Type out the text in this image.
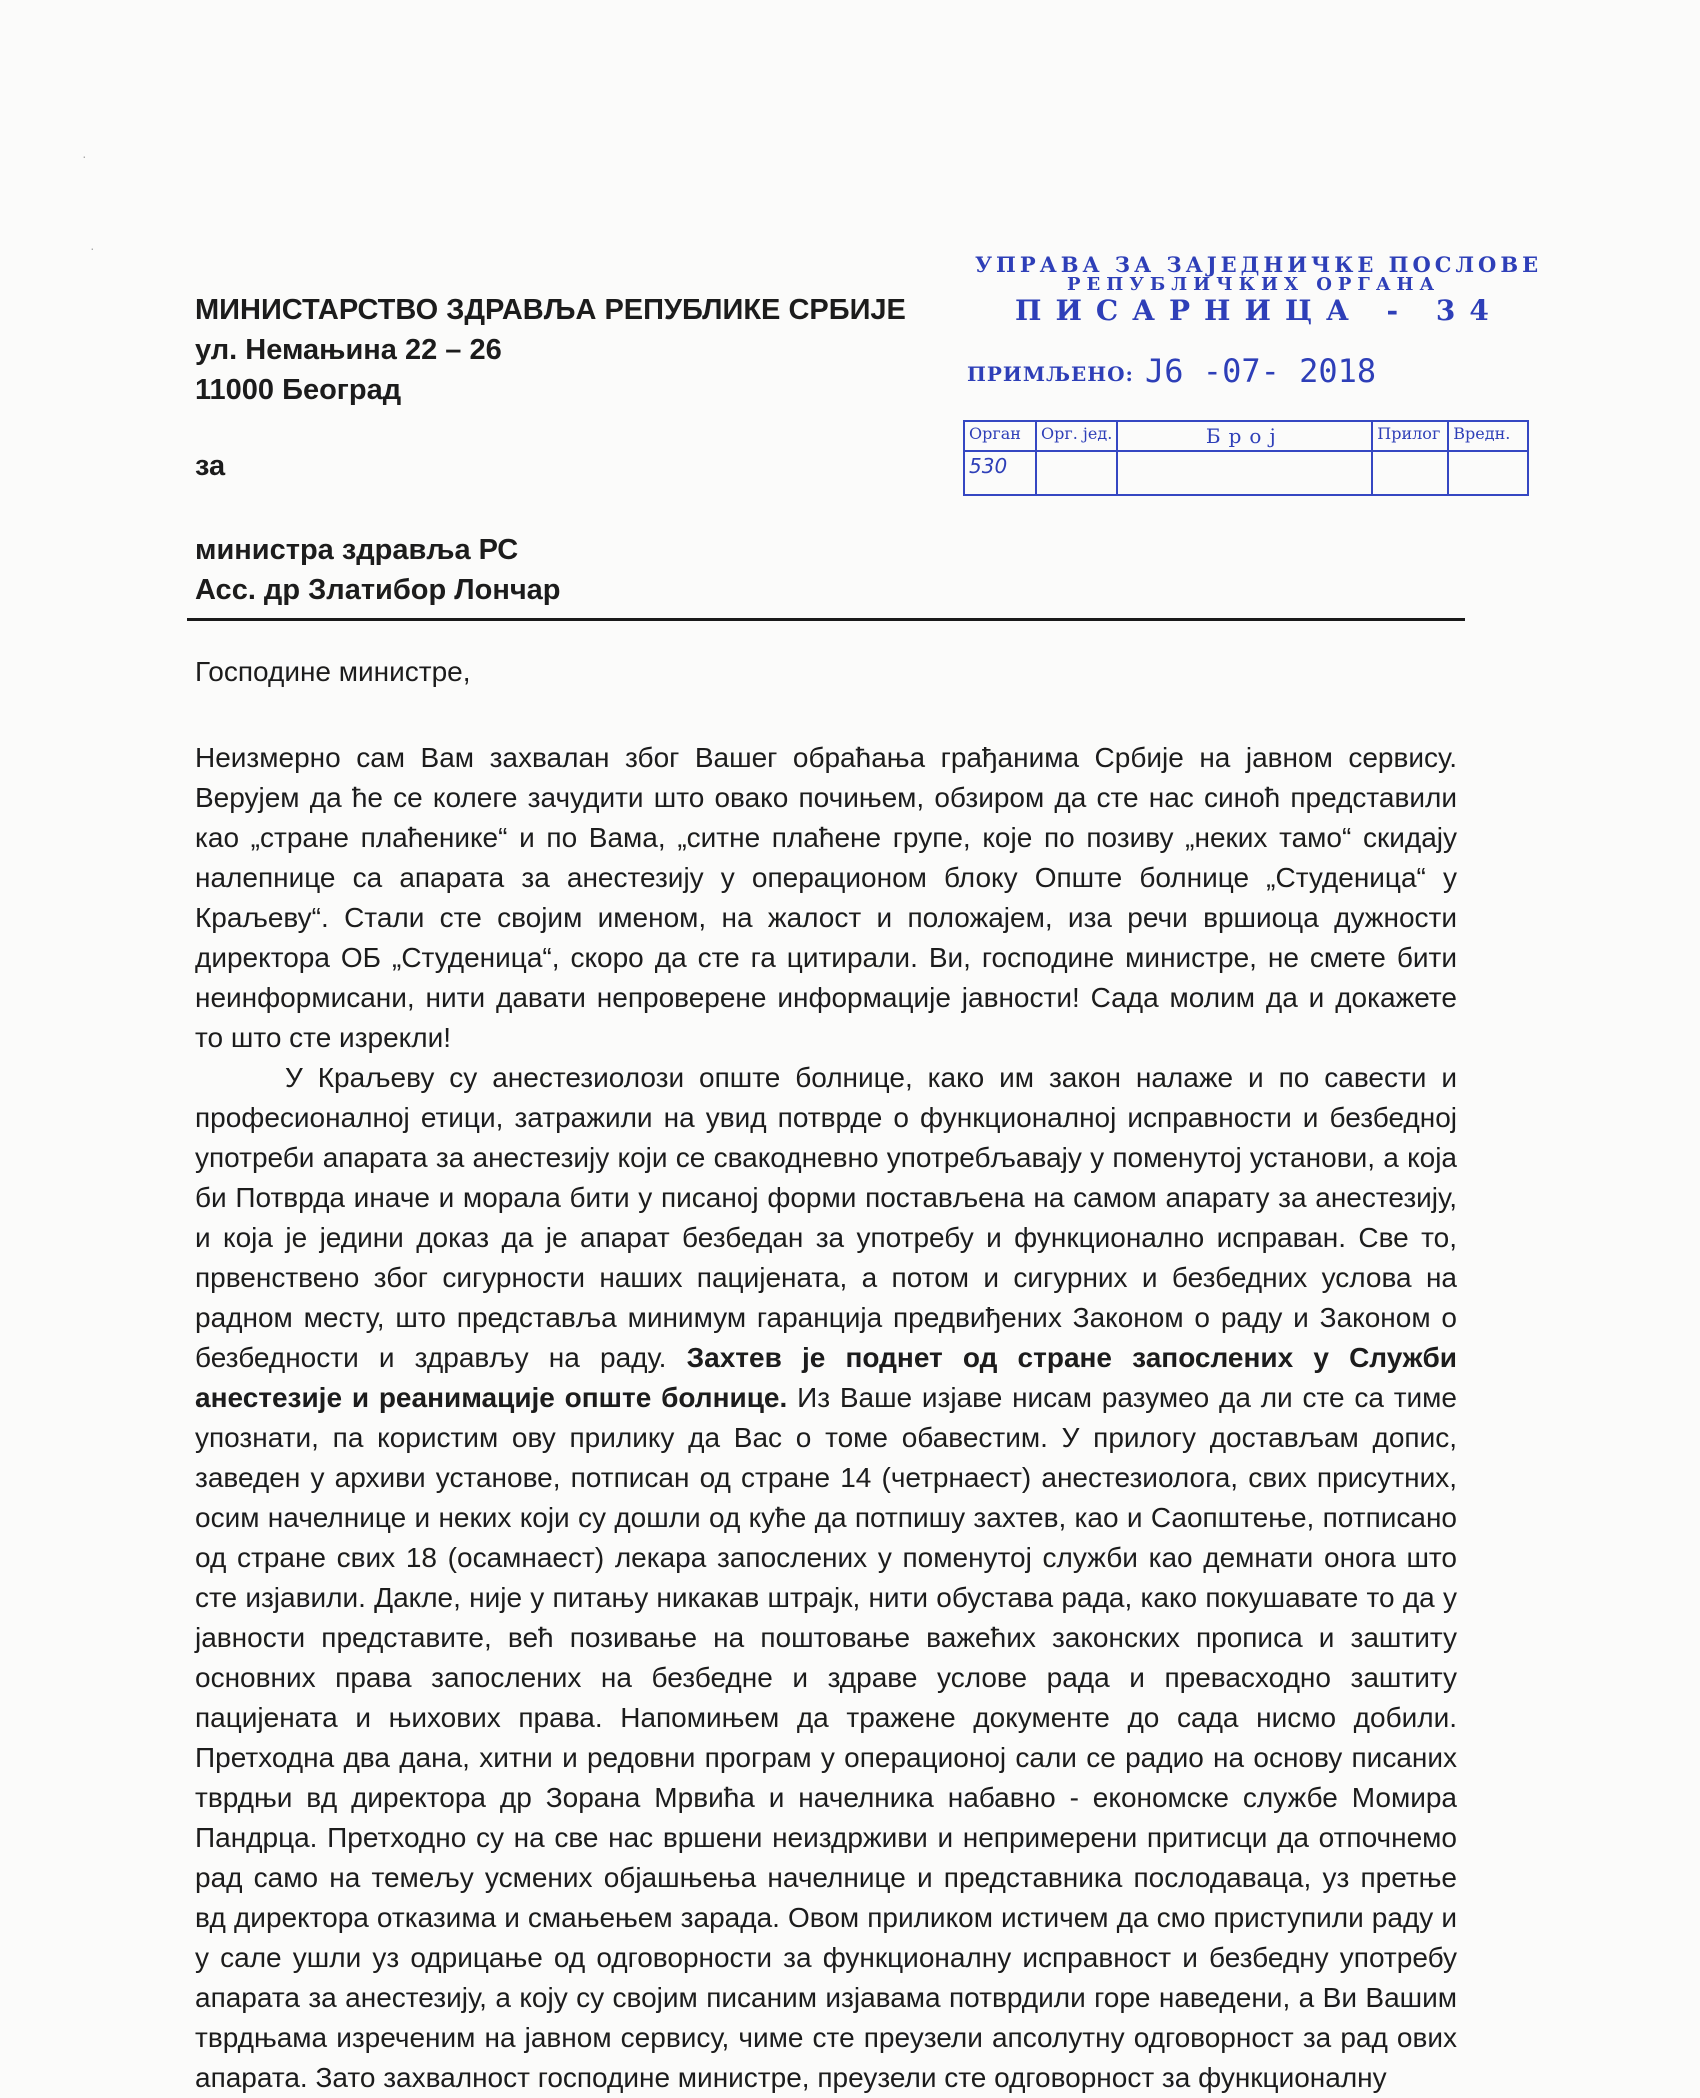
·
·
МИНИСТАРСТВО ЗДРАВЉА РЕПУБЛИКЕ СРБИЈЕ
ул. Немањина 22 – 26
11000 Београд
за
министра здравља РС
Асс. др Златибор Лончар
УПРАВА ЗА ЗАЈЕДНИЧКЕ ПОСЛОВЕ
РЕПУБЛИЧКИХ ОРГАНА
ПИСАРНИЦА - 34
ПРИМЉЕНО: Ј6 -07- 2018
Орган	Орг. јед.	Број	Прилог	Вредн.
530				
Господине министре,

Неизмерно сам Вам захвалан због Вашег обраћања грађанима Србије на јавном сервису. Верујем да ће се колеге зачудити што овако почињем, обзиром да сте нас синоћ представили као „стране плаћенике“ и по Вама, „ситне плаћене групе, које по позиву „неких тамо“ скидају налепнице са апарата за анестезију у операционом блоку Опште болнице „Студеница“ у Краљеву“. Стали сте својим именом, на жалост и положајем, иза речи вршиоца дужности директора ОБ „Студеница“, скоро да сте га цитирали. Ви, господине министре, не смете бити неинформисани, нити давати непроверене информације јавности! Сада молим да и докажете то што сте изрекли!

У Краљеву су анестезиолози опште болнице, како им закон налаже и по савести и професионалној етици, затражили на увид потврде о функционалној исправности и безбедној употреби апарата за анестезију који се свакодневно употребљавају у поменутој установи, а која би Потврда иначе и морала бити у писаној форми постављена на самом апарату за анестезију, и која је једини доказ да је апарат безбедан за употребу и функционално исправан. Све то, првенствено због сигурности наших пацијената, а потом и сигурних и безбедних услова на радном месту, што представља минимум гаранција предвиђених Законом о раду и Законом о безбедности и здрављу на раду. Захтев је поднет од стране запослених у Служби анестезије и реанимације опште болнице. Из Ваше изјаве нисам разумео да ли сте са тиме упознати, па користим ову прилику да Вас о томе обавестим. У прилогу достављам допис, заведен у архиви установе, потписан од стране 14 (четрнаест) анестезиолога, свих присутних, осим начелнице и неких који су дошли од куће да потпишу захтев, као и Саопштење, потписано од стране свих 18 (осамнаест) лекара запослених у поменутој служби као демнати онога што сте изјавили. Дакле, није у питању никакав штрајк, нити обустава рада, како покушавате то да у јавности представите, већ позивање на поштовање важећих законских прописа и заштиту основних права запослених на безбедне и здраве услове рада и превасходно заштиту пацијената и њихових права. Напомињем да тражене документе до сада нисмо добили. Претходна два дана, хитни и редовни програм у операционој сали се радио на основу писаних тврдњи вд директора др Зорана Мрвића и начелника набавно - економске службе Момира Пандрца. Претходно су на све нас вршени неиздрживи и непримерени притисци да отпочнемо рад само на темељу усмених објашњења начелнице и представника послодаваца, уз претње вд директора отказима и смањењем зарада. Овом приликом истичем да смо приступили раду и у сале ушли уз одрицање од одговорности за функционалну исправност и безбедну употребу апарата за анестезију, а коју су својим писаним изјавама потврдили горе наведени, а Ви Вашим тврдњама изреченим на јавном сервису, чиме сте преузели апсолутну одговорност за рад ових апарата. Зато захвалност господине министре, преузели сте одговорност за функционалну
